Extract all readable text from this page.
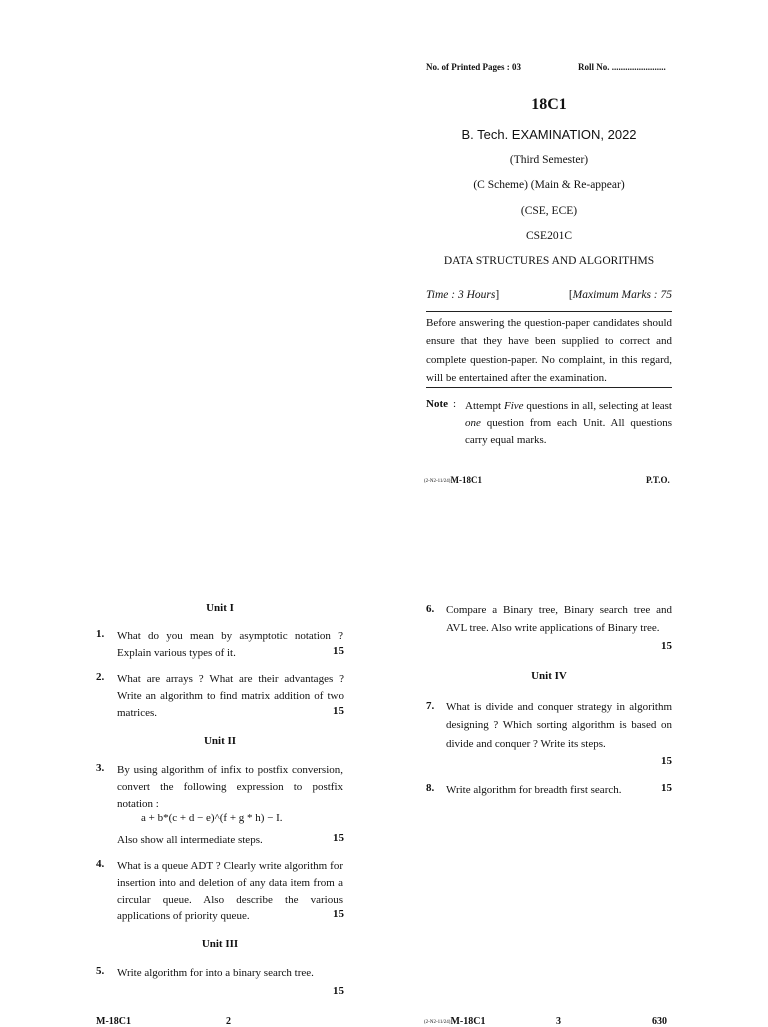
No. of Printed Pages : 03	Roll No. ........................
18C1
B. Tech. EXAMINATION, 2022
(Third Semester)
(C Scheme) (Main & Re-appear)
(CSE, ECE)
CSE201C
DATA STRUCTURES AND ALGORITHMS
Time : 3 Hours]	[Maximum Marks : 75
Before answering the question-paper candidates should ensure that they have been supplied to correct and complete question-paper. No complaint, in this regard, will be entertained after the examination.
Note : Attempt Five questions in all, selecting at least one question from each Unit. All questions carry equal marks.
(2-N2-11/24)M-18C1	P.T.O.
Unit I
1. What do you mean by asymptotic notation ? Explain various types of it.	15
2. What are arrays ? What are their advantages ? Write an algorithm to find matrix addition of two matrices.	15
Unit II
3. By using algorithm of infix to postfix conversion, convert the following expression to postfix notation :
a + b*(c + d − e)^(f + g * h) − I.
Also show all intermediate steps.	15
4. What is a queue ADT ? Clearly write algorithm for insertion into and deletion of any data item from a circular queue. Also describe the various applications of priority queue.	15
Unit III
5. Write algorithm for into a binary search tree.
15
M-18C1	2
6. Compare a Binary tree, Binary search tree and AVL tree. Also write applications of Binary tree.
15
Unit IV
7. What is divide and conquer strategy in algorithm designing ? Which sorting algorithm is based on divide and conquer ? Write its steps.
15
8. Write algorithm for breadth first search.	15
(2-N2-11/24)M-18C1	3	630
